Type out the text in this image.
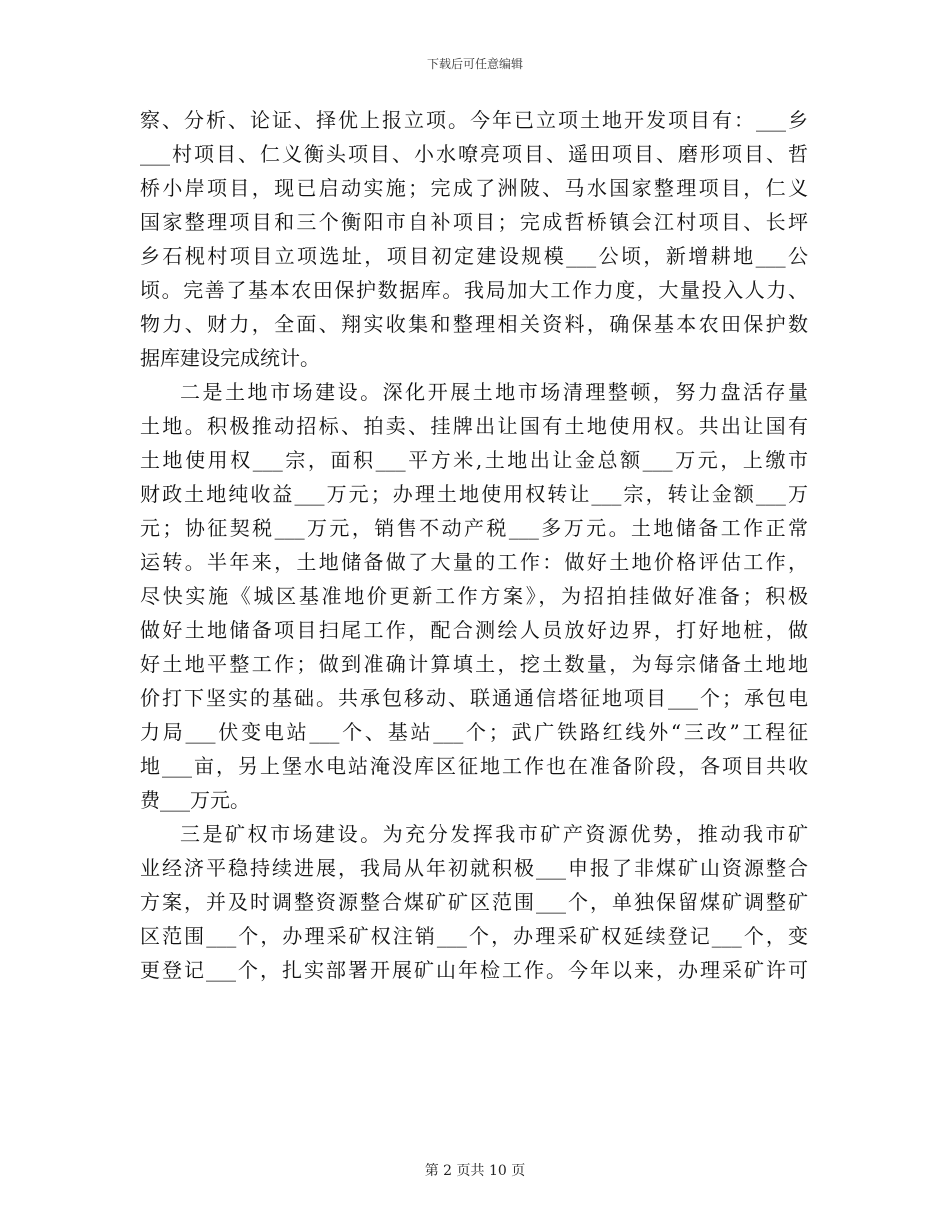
下载后可任意编辑
察、分析、论证、择优上报立项。今年已立项土地开发项目有：___乡
___村项目、仁义衡头项目、小水嘹亮项目、遥田项目、磨形项目、哲
桥小岸项目，现已启动实施；完成了洲陂、马水国家整理项目，仁义
国家整理项目和三个衡阳市自补项目；完成哲桥镇会江村项目、长坪
乡石枧村项目立项选址，项目初定建设规模___公顷，新增耕地___公
顷。完善了基本农田保护数据库。我局加大工作力度，大量投入人力、
物力、财力，全面、翔实收集和整理相关资料，确保基本农田保护数
据库建设完成统计。
二是土地市场建设。深化开展土地市场清理整顿，努力盘活存量
土地。积极推动招标、拍卖、挂牌出让国有土地使用权。共出让国有
土地使用权___宗，面积___平方米,土地出让金总额___万元，上缴市
财政土地纯收益___万元；办理土地使用权转让___宗，转让金额___万
元；协征契税___万元，销售不动产税___多万元。土地储备工作正常
运转。半年来，土地储备做了大量的工作：做好土地价格评估工作，
尽快实施《城区基准地价更新工作方案》，为招拍挂做好准备；积极
做好土地储备项目扫尾工作，配合测绘人员放好边界，打好地桩，做
好土地平整工作；做到准确计算填土，挖土数量，为每宗储备土地地
价打下坚实的基础。共承包移动、联通通信塔征地项目___个；承包电
力局___伏变电站___个、基站___个；武广铁路红线外“三改”工程征
地___亩，另上堡水电站淹没库区征地工作也在准备阶段，各项目共收
费___万元。
三是矿权市场建设。为充分发挥我市矿产资源优势，推动我市矿
业经济平稳持续进展，我局从年初就积极___申报了非煤矿山资源整合
方案，并及时调整资源整合煤矿矿区范围___个，单独保留煤矿调整矿
区范围___个，办理采矿权注销___个，办理采矿权延续登记___个，变
更登记___个，扎实部署开展矿山年检工作。今年以来，办理采矿许可
第 2 页共 10 页
